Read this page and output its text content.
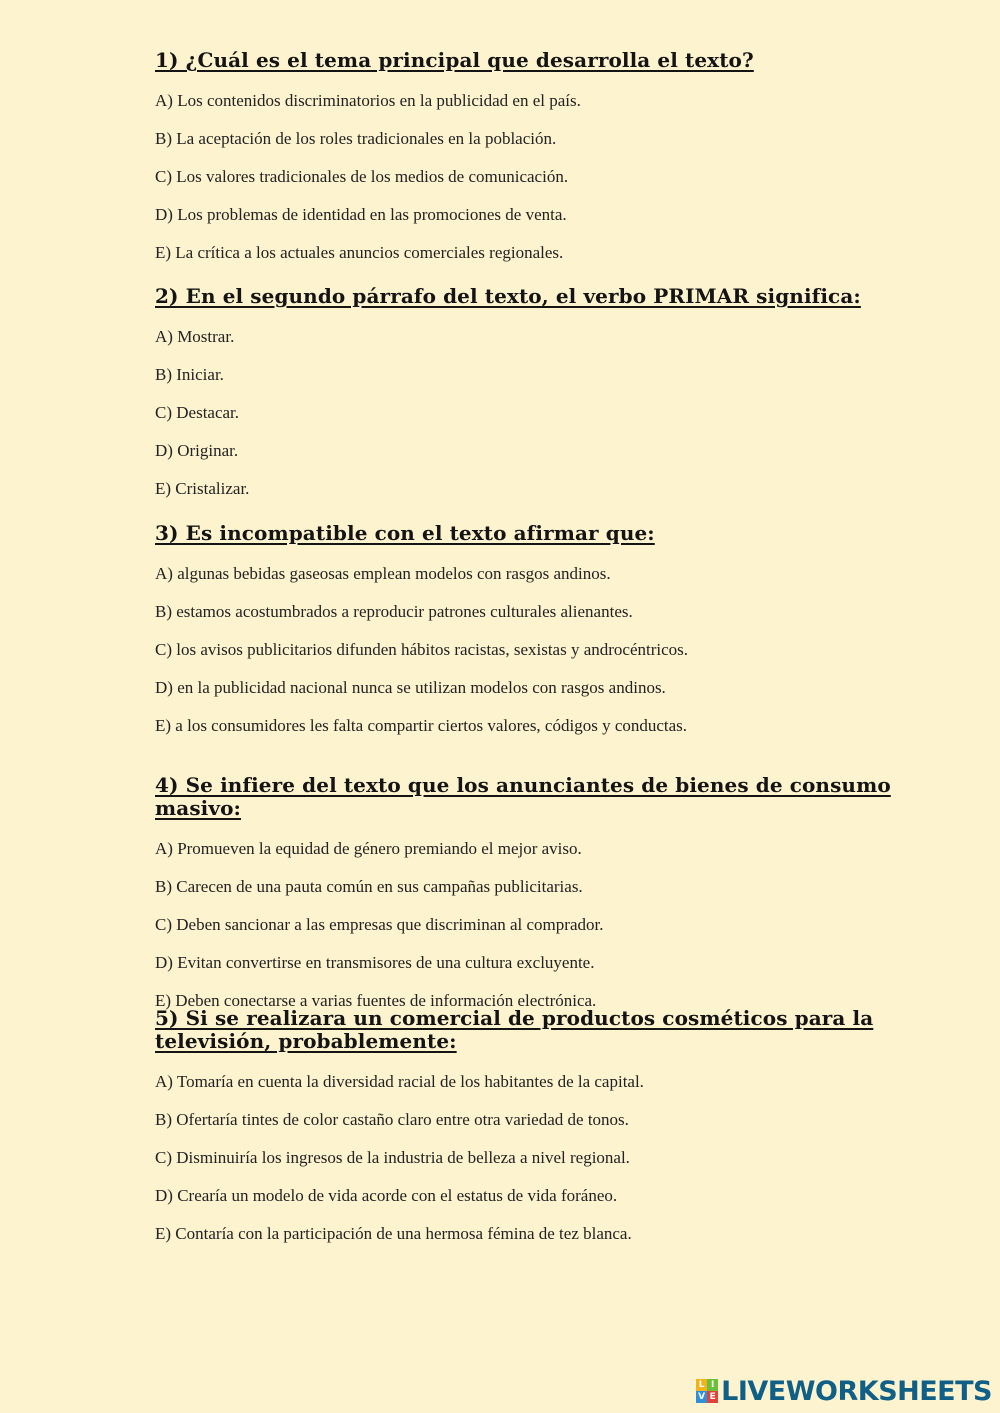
1) ¿Cuál es el tema principal que desarrolla el texto?
A) Los contenidos discriminatorios en la publicidad en el país.
B) La aceptación de los roles tradicionales en la población.
C) Los valores tradicionales de los medios de comunicación.
D) Los problemas de identidad en las promociones de venta.
E) La crítica a los actuales anuncios comerciales regionales.
2) En el segundo párrafo del texto, el verbo PRIMAR significa:
A) Mostrar.
B) Iniciar.
C) Destacar.
D) Originar.
E) Cristalizar.
3) Es incompatible con el texto afirmar que:
A) algunas bebidas gaseosas emplean modelos con rasgos andinos.
B) estamos acostumbrados a reproducir patrones culturales alienantes.
C) los avisos publicitarios difunden hábitos racistas, sexistas y androcéntricos.
D) en la publicidad nacional nunca se utilizan modelos con rasgos andinos.
E) a los consumidores les falta compartir ciertos valores, códigos y conductas.
4) Se infiere del texto que los anunciantes de bienes de consumo masivo:
A) Promueven la equidad de género premiando el mejor aviso.
B) Carecen de una pauta común en sus campañas publicitarias.
C) Deben sancionar a las empresas que discriminan al comprador.
D) Evitan convertirse en transmisores de una cultura excluyente.
E) Deben conectarse a varias fuentes de información electrónica.
5) Si se realizara un comercial de productos cosméticos para la televisión, probablemente:
A) Tomaría en cuenta la diversidad racial de los habitantes de la capital.
B) Ofertaría tintes de color castaño claro entre otra variedad de tonos.
C) Disminuiría los ingresos de la industria de belleza a nivel regional.
D) Crearía un modelo de vida acorde con el estatus de vida foráneo.
E) Contaría con la participación de una hermosa fémina de tez blanca.
L I
V E LIVEWORKSHEETS
